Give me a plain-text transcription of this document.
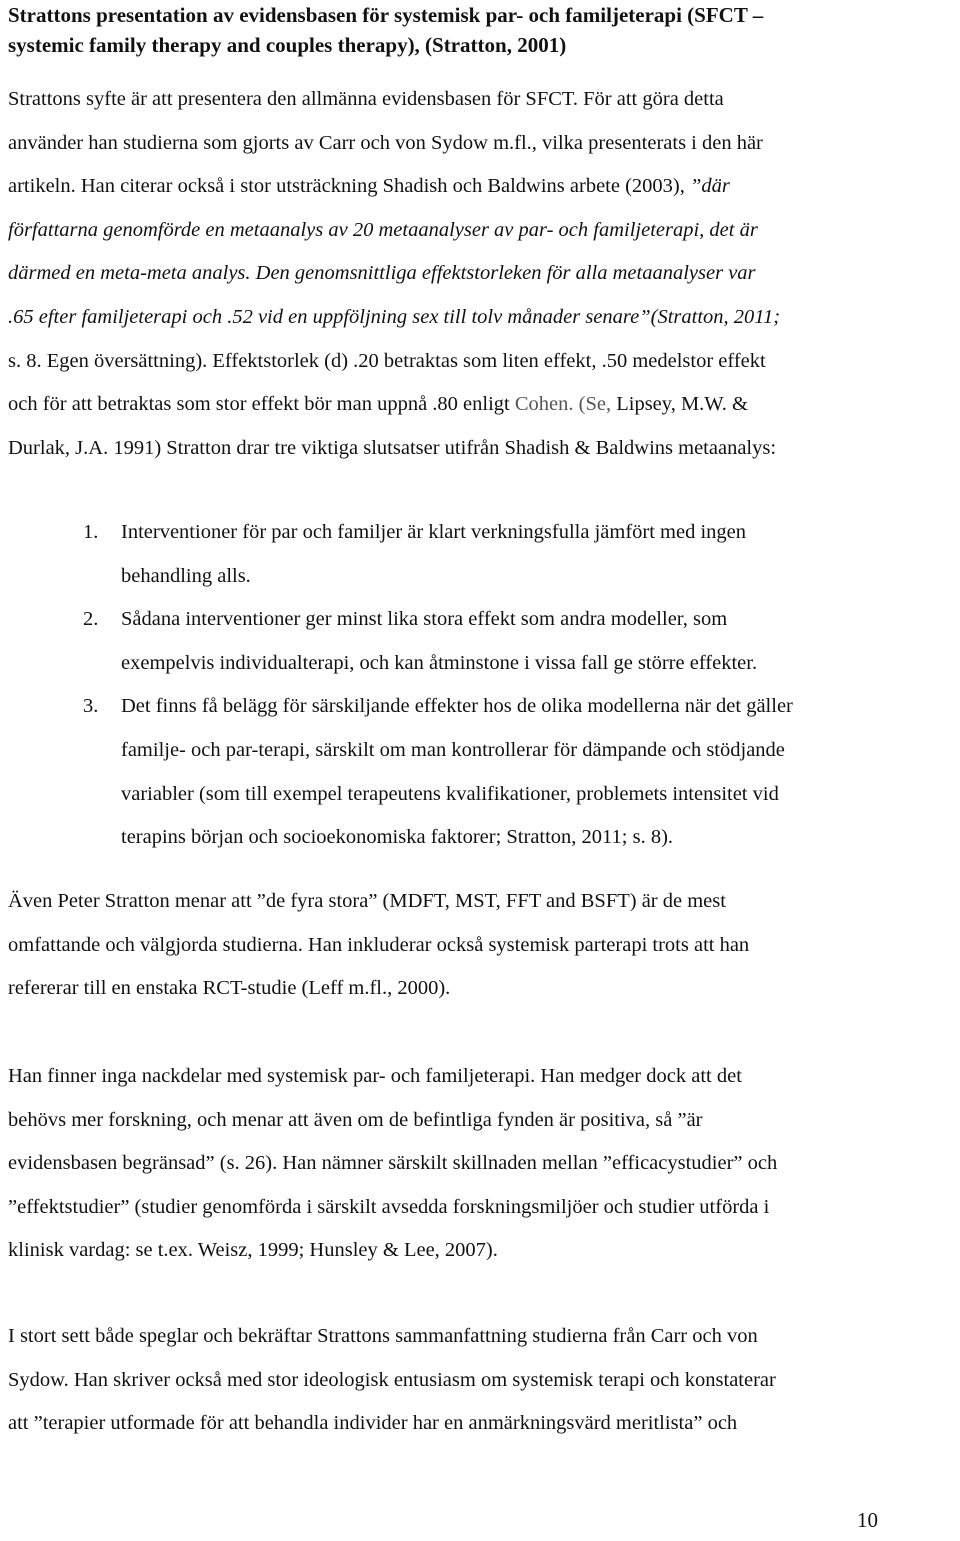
Strattons presentation av evidensbasen för systemisk par- och familjeterapi (SFCT –
systemic family therapy and couples therapy), (Stratton, 2001)
Strattons syfte är att presentera den allmänna evidensbasen för SFCT. För att göra detta
använder han studierna som gjorts av Carr och von Sydow m.fl., vilka presenterats i den här
artikeln. Han citerar också i stor utsträckning Shadish och Baldwins arbete (2003), ”där
författarna genomförde en metaanalys av 20 metaanalyser av par- och familjeterapi, det är
därmed en meta-meta analys. Den genomsnittliga effektstorleken för alla metaanalyser var
.65 efter familjeterapi och .52 vid en uppföljning sex till tolv månader senare”(Stratton, 2011;
s. 8. Egen översättning). Effektstorlek (d) .20 betraktas som liten effekt, .50 medelstor effekt
och för att betraktas som stor effekt bör man uppnå .80 enligt Cohen. (Se, Lipsey, M.W. &
Durlak, J.A. 1991) Stratton drar tre viktiga slutsatser utifrån Shadish & Baldwins metaanalys:
1. Interventioner för par och familjer är klart verkningsfulla jämfört med ingen
behandling alls.
2. Sådana interventioner ger minst lika stora effekt som andra modeller, som
exempelvis individualterapi, och kan åtminstone i vissa fall ge större effekter.
3. Det finns få belägg för särskiljande effekter hos de olika modellerna när det gäller
familje- och par-terapi, särskilt om man kontrollerar för dämpande och stödjande
variabler (som till exempel terapeutens kvalifikationer, problemets intensitet vid
terapins början och socioekonomiska faktorer; Stratton, 2011; s. 8).
Även Peter Stratton menar att ”de fyra stora” (MDFT, MST, FFT and BSFT) är de mest
omfattande och välgjorda studierna. Han inkluderar också systemisk parterapi trots att han
refererar till en enstaka RCT-studie (Leff m.fl., 2000).
Han finner inga nackdelar med systemisk par- och familjeterapi. Han medger dock att det
behövs mer forskning, och menar att även om de befintliga fynden är positiva, så ”är
evidensbasen begränsad” (s. 26). Han nämner särskilt skillnaden mellan ”efficacystudier” och
”effektstudier” (studier genomförda i särskilt avsedda forskningsmiljöer och studier utförda i
klinisk vardag: se t.ex. Weisz, 1999; Hunsley & Lee, 2007).
I stort sett både speglar och bekräftar Strattons sammanfattning studierna från Carr och von
Sydow. Han skriver också med stor ideologisk entusiasm om systemisk terapi och konstaterar
att ”terapier utformade för att behandla individer har en anmärkningsvärd meritlista” och
10
